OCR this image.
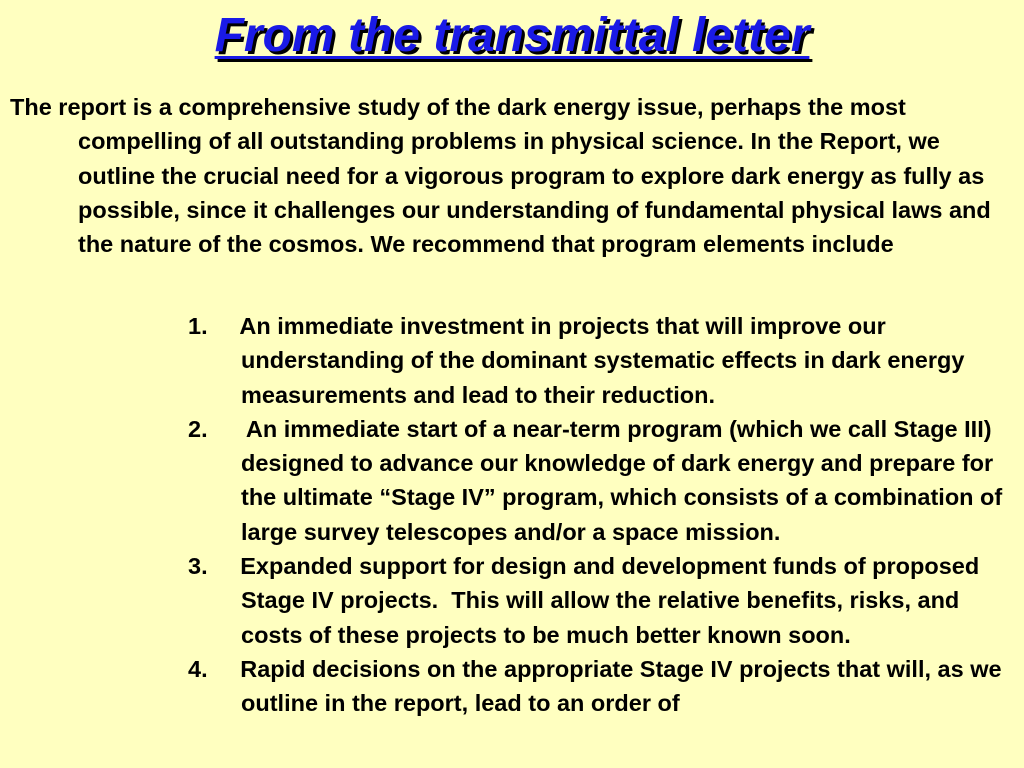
From the transmittal letter

The report is a comprehensive study of the dark energy issue, perhaps the most compelling of all outstanding problems in physical science. In the Report, we outline the crucial need for a vigorous program to explore dark energy as fully as possible, since it challenges our understanding of fundamental physical laws and the nature of the cosmos. We recommend that program elements include

1.     An immediate investment in projects that will improve our understanding of the dominant systematic effects in dark energy measurements and lead to their reduction.
2.      An immediate start of a near-term program (which we call Stage III) designed to advance our knowledge of dark energy and prepare for the ultimate “Stage IV” program, which consists of a combination of large survey telescopes and/or a space mission.
3.     Expanded support for design and development funds of proposed Stage IV projects.  This will allow the relative benefits, risks, and costs of these projects to be much better known soon.
4.     Rapid decisions on the appropriate Stage IV projects that will, as we outline in the report, lead to an order of
